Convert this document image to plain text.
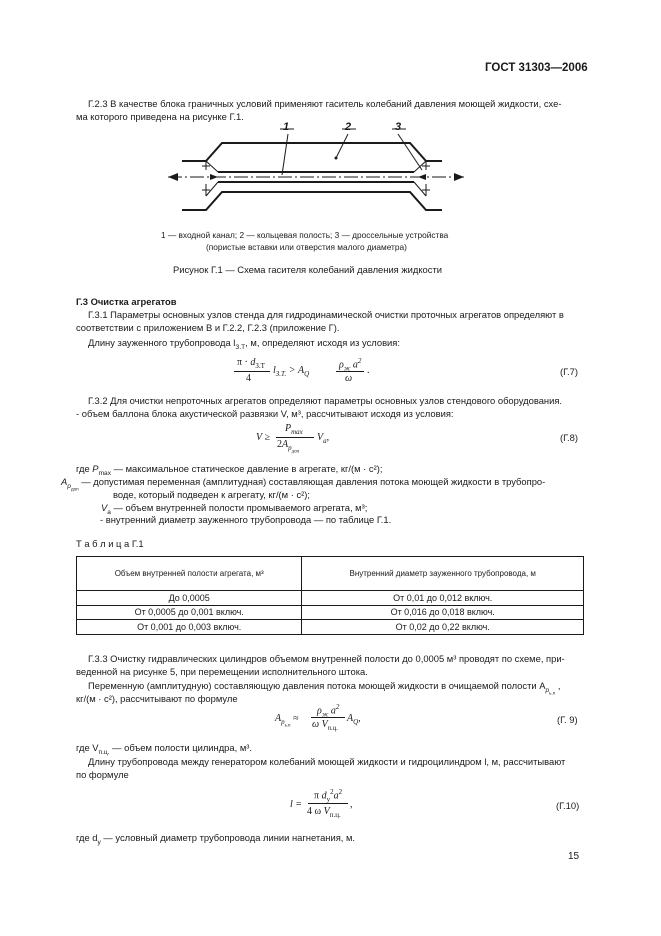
ГОСТ 31303—2006
Г.2.3 В качестве блока граничных условий применяют гаситель колебаний давления моющей жидкости, схе-
ма которого приведена на рисунке Г.1.
1	2	3
1 — входной канал; 2 — кольцевая полость; 3 — дроссельные устройства
(пористые вставки или отверстия малого диаметра)
Рисунок Г.1 — Схема гасителя колебаний давления жидкости
Г.3 Очистка агрегатов
Г.3.1 Параметры основных узлов стенда для гидродинамической очистки проточных агрегатов определяют в
соответствии с приложением В и Г.2.2, Г.2.3 (приложение Г).
Длину зауженного трубопровода $l_{З.Т}$, м, определяют исходя из условия:
$\pi \cdot d_{З.Т}$
4
$l_{З.Т.} > A_Q$
$\rho_ж$ $a^2$
ω
.	(Г.7)
Г.3.2 Для очистки непроточных агрегатов определяют параметры основных узлов стендового оборудования.
- объем баллона блока акустической развязки V, м³, рассчитывают исходя из условия:
V ≥
$P_{max}$
$2A_{p_{доп}}$
$V_а$,	(Г.8)
где $P_{max}$ — максимальное статическое давление в агрегате, кг/(м · с²);
$A_{p_{доп}}$ — допустимая переменная (амплитудная) составляющая давления потока моющей жидкости в трубопро-
воде, который подведен к агрегату, кг/(м · с²);
$V_а$ — объем внутренней полости промываемого агрегата, м³;
- внутренний диаметр зауженного трубопровода — по таблице Г.1.
Т а б л и ц а Г.1
Объем внутренней полости агрегата, м³	Внутренний диаметр зауженного трубопровода, м
До 0,0005	От 0,01 до 0,012 включ.
От 0,0005 до 0,001 включ.	От 0,016 до 0,018 включ.
От 0,001 до 0,003 включ.	От 0,02 до 0,22 включ.
Г.3.3 Очистку гидравлических цилиндров объемом внутренней полости до 0,0005 м³ проводят по схеме, при-
веденной на рисунке 5, при перемещении исполнительного штока.
Переменную (амплитудную) составляющую давления потока моющей жидкости в очищаемой полости $A_{p_{ь.п}}$ ,
кг/(м · с²), рассчитывают по формуле
$A_{p_{ь.п}}$ ≈
$\rho_ж$ $a^2$
ω $V_{п.ц.}$
$A_Q$,	(Г. 9)
где $V_{п.ц.}$ — объем полости цилиндра, м³.
Длину трубопровода между генератором колебаний моющей жидкости и гидроцилиндром l, м, рассчитывают
по формуле
l =
π $d_у^2a^2$
4 ω $V_{п.ц.}$
,	(Г.10)
где $d_у$ — условный диаметр трубопровода линии нагнетания, м.
15
